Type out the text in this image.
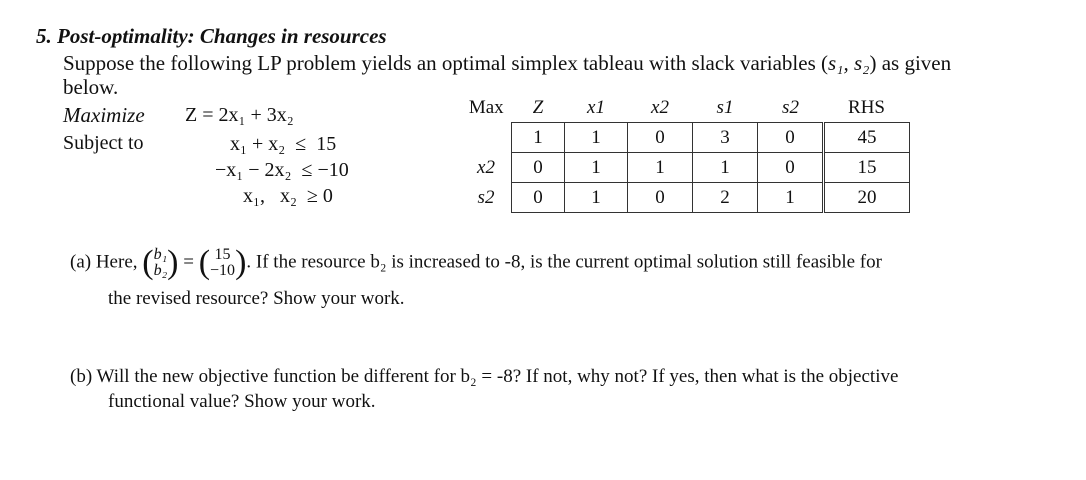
5. Post-optimality: Changes in resources
Suppose the following LP problem yields an optimal simplex tableau with slack variables (s₁, s₂) as given
below.
Maximize Z = 2x₁ + 3x₂
Subject to	x₁ + x₂  ≤  15
−x₁ − 2x₂  ≤ −10
x₁,   x₂  ≥ 0
Max	Z	x1	x2	s1	s2	RHS
	1	1	0	3	0	45
x2	0	1	1	1	0	15
s2	0	1	0	2	1	20
(a) Here, (b₁
b₂) = ( 15
−10). If the resource b₂ is increased to -8, is the current optimal solution still feasible for
the revised resource? Show your work.
(b) Will the new objective function be different for b₂ = -8? If not, why not? If yes, then what is the objective
functional value? Show your work.
